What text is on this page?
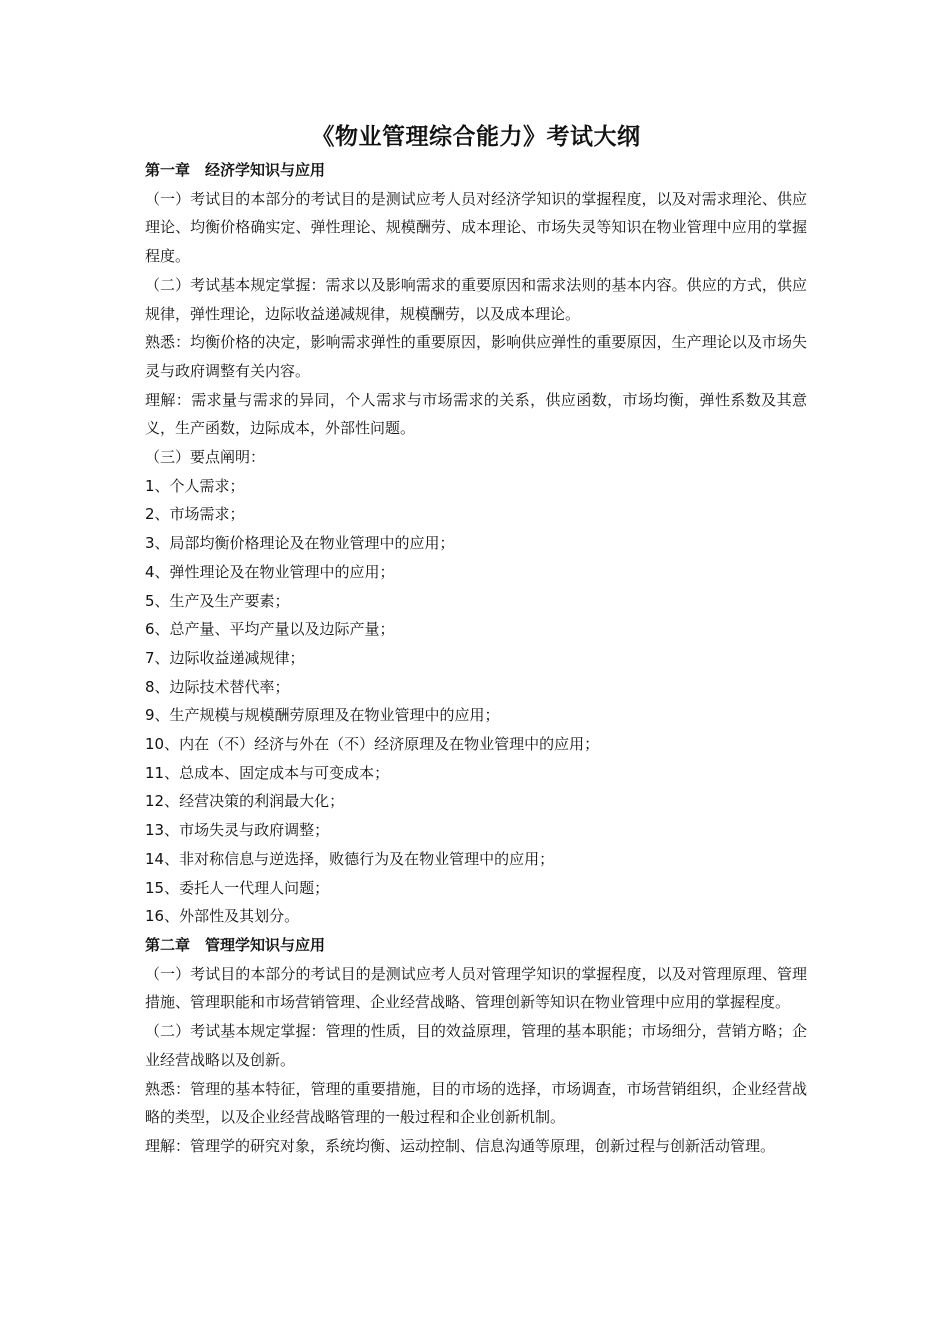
《物业管理综合能力》考试大纲
第一章　经济学知识与应用

（一）考试目的本部分的考试目的是测试应考人员对经济学知识的掌握程度，以及对需求理沦、供应理论、均衡价格确实定、弹性理论、规模酬劳、成本理论、市场失灵等知识在物业管理中应用的掌握程度。

（二）考试基本规定掌握：需求以及影响需求的重要原因和需求法则的基本内容。供应的方式，供应规律，弹性理论，边际收益递减规律，规模酬劳，以及成本理论。

熟悉：均衡价格的决定，影响需求弹性的重要原因，影响供应弹性的重要原因，生产理论以及市场失灵与政府调整有关内容。

理解：需求量与需求的异同，个人需求与市场需求的关系，供应函数，市场均衡，弹性系数及其意义，生产函数，边际成本，外部性问题。

（三）要点阐明：

1、个人需求；
2、市场需求；
3、局部均衡价格理论及在物业管理中的应用；
4、弹性理论及在物业管理中的应用；
5、生产及生产要素；
6、总产量、平均产量以及边际产量；
7、边际收益递减规律；
8、边际技术替代率；
9、生产规模与规模酬劳原理及在物业管理中的应用；
10、内在（不）经济与外在（不）经济原理及在物业管理中的应用；
11、总成本、固定成本与可变成本；
12、经营决策的利润最大化；
13、市场失灵与政府调整；
14、非对称信息与逆选择，败德行为及在物业管理中的应用；
15、委托人一代理人问题；
16、外部性及其划分。
第二章　管理学知识与应用

（一）考试目的本部分的考试目的是测试应考人员对管理学知识的掌握程度，以及对管理原理、管理措施、管理职能和市场营销管理、企业经营战略、管理创新等知识在物业管理中应用的掌握程度。

（二）考试基本规定掌握：管理的性质，目的效益原理，管理的基本职能；市场细分，营销方略；企业经营战略以及创新。

熟悉：管理的基本特征，管理的重要措施，目的市场的选择，市场调查，市场营销组织，企业经营战略的类型，以及企业经营战略管理的一般过程和企业创新机制。

理解：管理学的研究对象，系统均衡、运动控制、信息沟通等原理，创新过程与创新活动管理。
